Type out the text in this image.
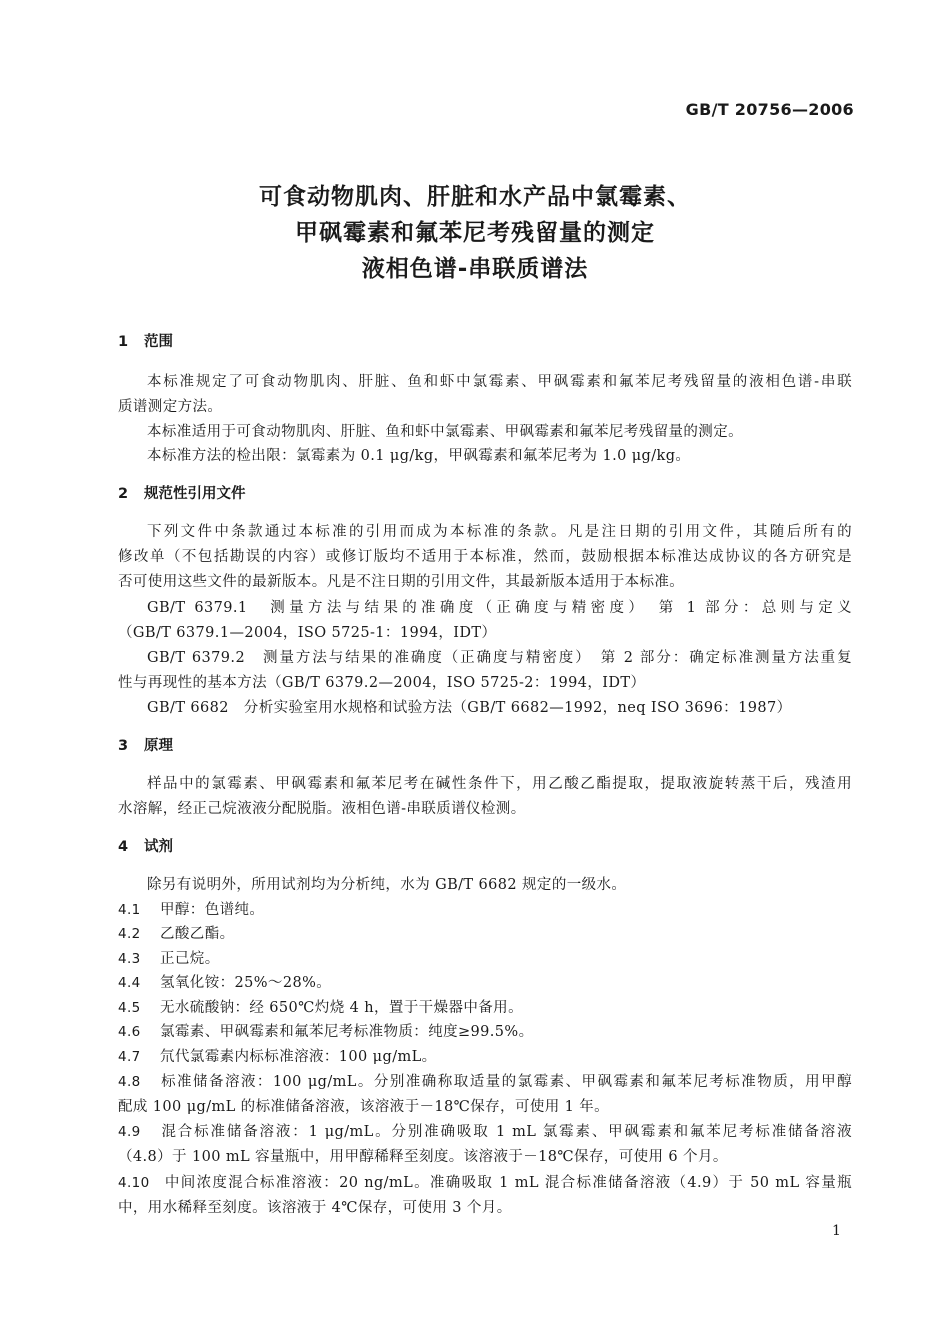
GB/T 20756—2006
可食动物肌肉、肝脏和水产品中氯霉素、
甲砜霉素和氟苯尼考残留量的测定
液相色谱-串联质谱法
1 范围
本标准规定了可食动物肌肉、肝脏、鱼和虾中氯霉素、甲砜霉素和氟苯尼考残留量的液相色谱-串联
质谱测定方法。
本标准适用于可食动物肌肉、肝脏、鱼和虾中氯霉素、甲砜霉素和氟苯尼考残留量的测定。
本标准方法的检出限：氯霉素为 0.1 μg/kg，甲砜霉素和氟苯尼考为 1.0 μg/kg。
2 规范性引用文件
下列文件中条款通过本标准的引用而成为本标准的条款。凡是注日期的引用文件，其随后所有的
修改单（不包括勘误的内容）或修订版均不适用于本标准，然而，鼓励根据本标准达成协议的各方研究是
否可使用这些文件的最新版本。凡是不注日期的引用文件，其最新版本适用于本标准。
GB/T 6379.1　测量方法与结果的准确度（正确度与精密度）　第 1 部分：总则与定义
（GB/T 6379.1—2004，ISO 5725-1：1994，IDT）
GB/T 6379.2　测量方法与结果的准确度（正确度与精密度）　第 2 部分：确定标准测量方法重复
性与再现性的基本方法（GB/T 6379.2—2004，ISO 5725-2：1994，IDT）
GB/T 6682　分析实验室用水规格和试验方法（GB/T 6682—1992，neq ISO 3696：1987）
3 原理
样品中的氯霉素、甲砜霉素和氟苯尼考在碱性条件下，用乙酸乙酯提取，提取液旋转蒸干后，残渣用
水溶解，经正己烷液液分配脱脂。液相色谱-串联质谱仪检测。
4 试剂
除另有说明外，所用试剂均为分析纯，水为 GB/T 6682 规定的一级水。
4.1 甲醇：色谱纯。
4.2 乙酸乙酯。
4.3 正己烷。
4.4 氢氧化铵：25%～28%。
4.5 无水硫酸钠：经 650℃灼烧 4 h，置于干燥器中备用。
4.6 氯霉素、甲砜霉素和氟苯尼考标准物质：纯度≥99.5%。
4.7 氘代氯霉素内标标准溶液：100 μg/mL。
4.8 标准储备溶液：100 μg/mL。分别准确称取适量的氯霉素、甲砜霉素和氟苯尼考标准物质，用甲醇
配成 100 μg/mL 的标准储备溶液，该溶液于－18℃保存，可使用 1 年。
4.9 混合标准储备溶液：1 μg/mL。分别准确吸取 1 mL 氯霉素、甲砜霉素和氟苯尼考标准储备溶液
（4.8）于 100 mL 容量瓶中，用甲醇稀释至刻度。该溶液于－18℃保存，可使用 6 个月。
4.10 中间浓度混合标准溶液：20 ng/mL。准确吸取 1 mL 混合标准储备溶液（4.9）于 50 mL 容量瓶
中，用水稀释至刻度。该溶液于 4℃保存，可使用 3 个月。
1
